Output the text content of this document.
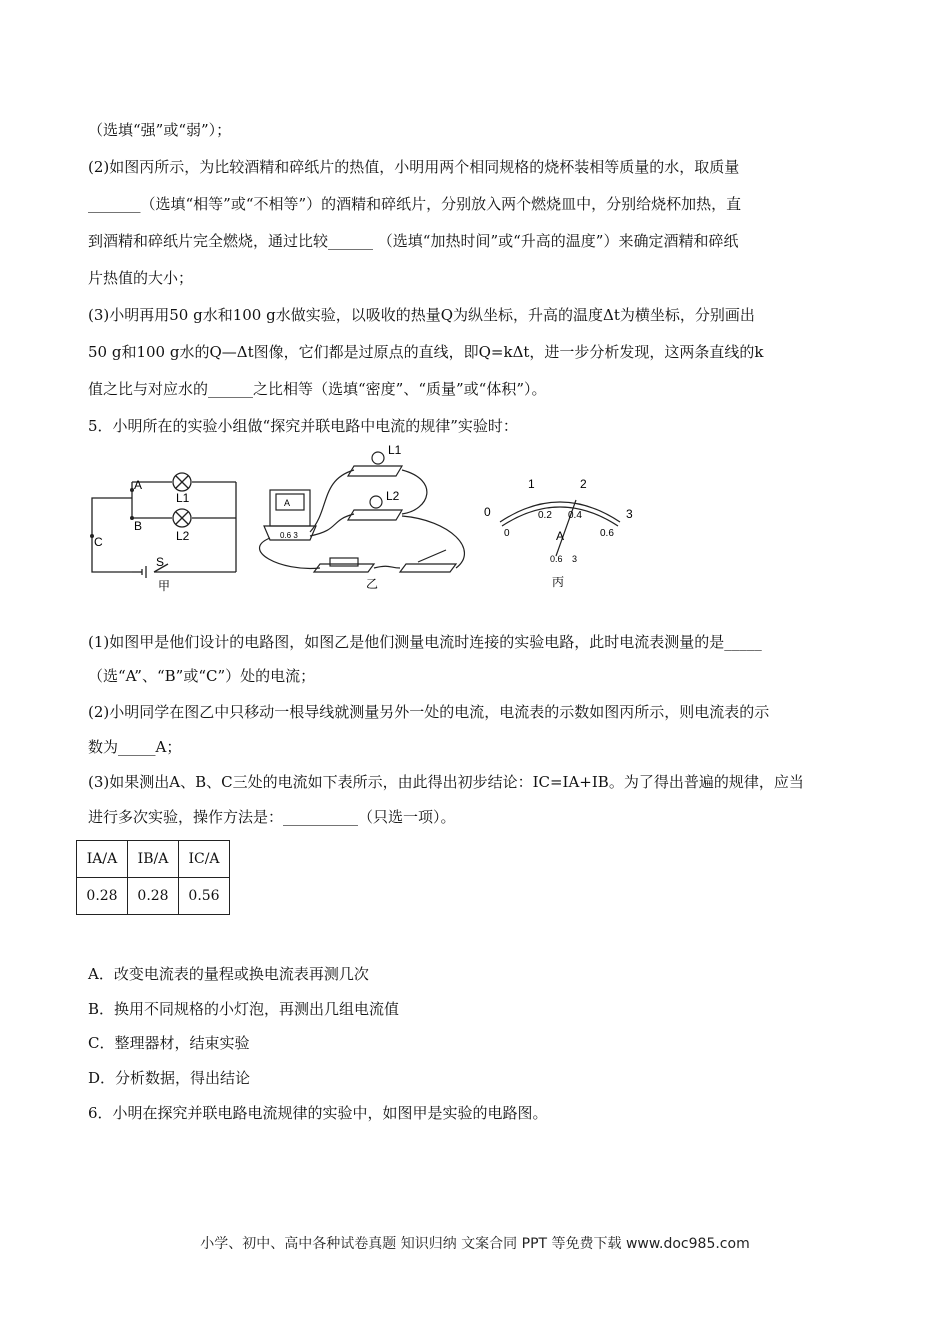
（选填“强”或“弱”）；
(2)如图丙所示，为比较酒精和碎纸片的热值，小明用两个相同规格的烧杯装相等质量的水，取质量
_______（选填“相等”或“不相等”）的酒精和碎纸片，分别放入两个燃烧皿中，分别给烧杯加热，直
到酒精和碎纸片完全燃烧，通过比较______ （选填“加热时间”或“升高的温度”）来确定酒精和碎纸
片热值的大小；
(3)小明再用50 g水和100 g水做实验，以吸收的热量Q为纵坐标，升高的温度Δt为横坐标，分别画出
50 g和100 g水的Q—Δt图像，它们都是过原点的直线，即Q=kΔt，进一步分析发现，这两条直线的k
值之比与对应水的______之比相等（选填“密度”、“质量”或“体积”）。
5．小明所在的实验小组做“探究并联电路中电流的规律”实验时：
A
B
C
L1
L2
S
甲
A
0.6 3
L1
L2
乙
0
1	2
3
0
0.2 0.4
0.6
A
0.6 3
丙
(1)如图甲是他们设计的电路图，如图乙是他们测量电流时连接的实验电路，此时电流表测量的是_____
（选“A”、“B”或“C”）处的电流；
(2)小明同学在图乙中只移动一根导线就测量另外一处的电流，电流表的示数如图丙所示，则电流表的示
数为_____A；
(3)如果测出A、B、C三处的电流如下表所示，由此得出初步结论：IC=IA+IB。为了得出普遍的规律，应当
进行多次实验，操作方法是：__________（只选一项）。
IA/A	IB/A	IC/A
0.28	0.28	0.56
A．改变电流表的量程或换电流表再测几次
B．换用不同规格的小灯泡，再测出几组电流值
C．整理器材，结束实验
D．分析数据，得出结论
6．小明在探究并联电路电流规律的实验中，如图甲是实验的电路图。
小学、初中、高中各种试卷真题 知识归纳 文案合同 PPT 等免费下载 www.doc985.com
